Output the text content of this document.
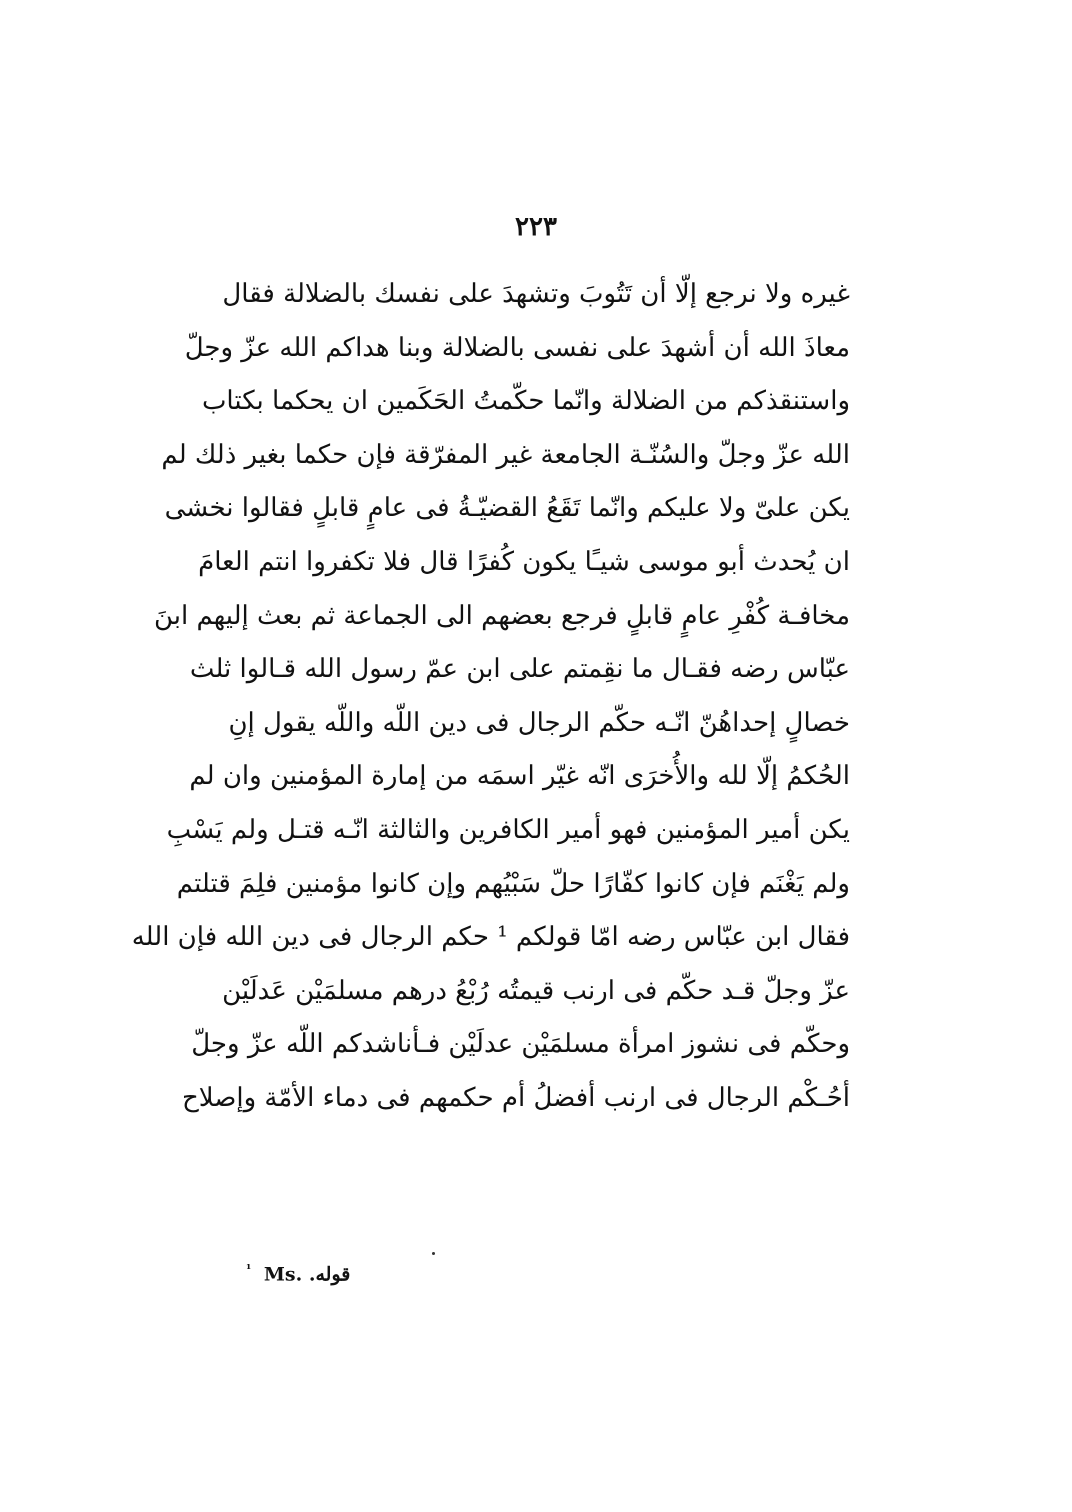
٢٢٣
غيره ولا نرجع إلّا أن تَتُوبَ وتشهدَ على نفسك بالضلالة فقال
معاذَ الله أن أشهدَ على نفسى بالضلالة وبنا هداكم الله عزّ وجلّ
واستنقذكم من الضلالة وانّما حكّمتُ الحَكَمين ان يحكما بكتاب
الله عزّ وجلّ والسُنّـة الجامعة غير المفرّقة فإن حكما بغير ذلك لم
يكن علىّ ولا عليكم وانّما تَقَعُ القضيّـةُ فى عامٍ قابلٍ فقالوا نخشى
ان يُحدث أبو موسى شيـًا يكون كُفرًا قال فلا تكفروا انتم العامَ
مخافـة كُفْرِ عامٍ قابلٍ فرجع بعضهم الى الجماعة ثم بعث إليهم ابنَ
عبّاس رضه فقـال ما نقِمتم على ابن عمّ رسول الله قـالوا ثلث
خصالٍ إحداهُنّ انّـه حكّم الرجال فى دين اللّه واللّه يقول إنِ
الحُكمُ إلّا لله والأُخرَى انّه غيّر اسمَه من إمارة المؤمنين وان لم
يكن أمير المؤمنين فهو أمير الكافرين والثالثة انّـه قتـل ولم يَسْبِ
ولم يَغْنَم فإن كانوا كفّارًا حلّ سَبْيُهم وإن كانوا مؤمنين فلِمَ قتلتم
فقال ابن عبّاس رضه امّا قولكم ¹ حكم الرجال فى دين الله فإن الله
عزّ وجلّ قـد حكّم فى ارنب قيمتُه رُبْعُ درهم مسلمَيْن عَدلَيْن
وحكّم فى نشوز امرأة مسلمَيْن عدلَيْن فـأناشدكم اللّه عزّ وجلّ
أحُـكْم الرجال فى ارنب أفضلُ أم حكمهم فى دماء الأمّة وإصلاح
$^{^1}$ Ms. قوله.
